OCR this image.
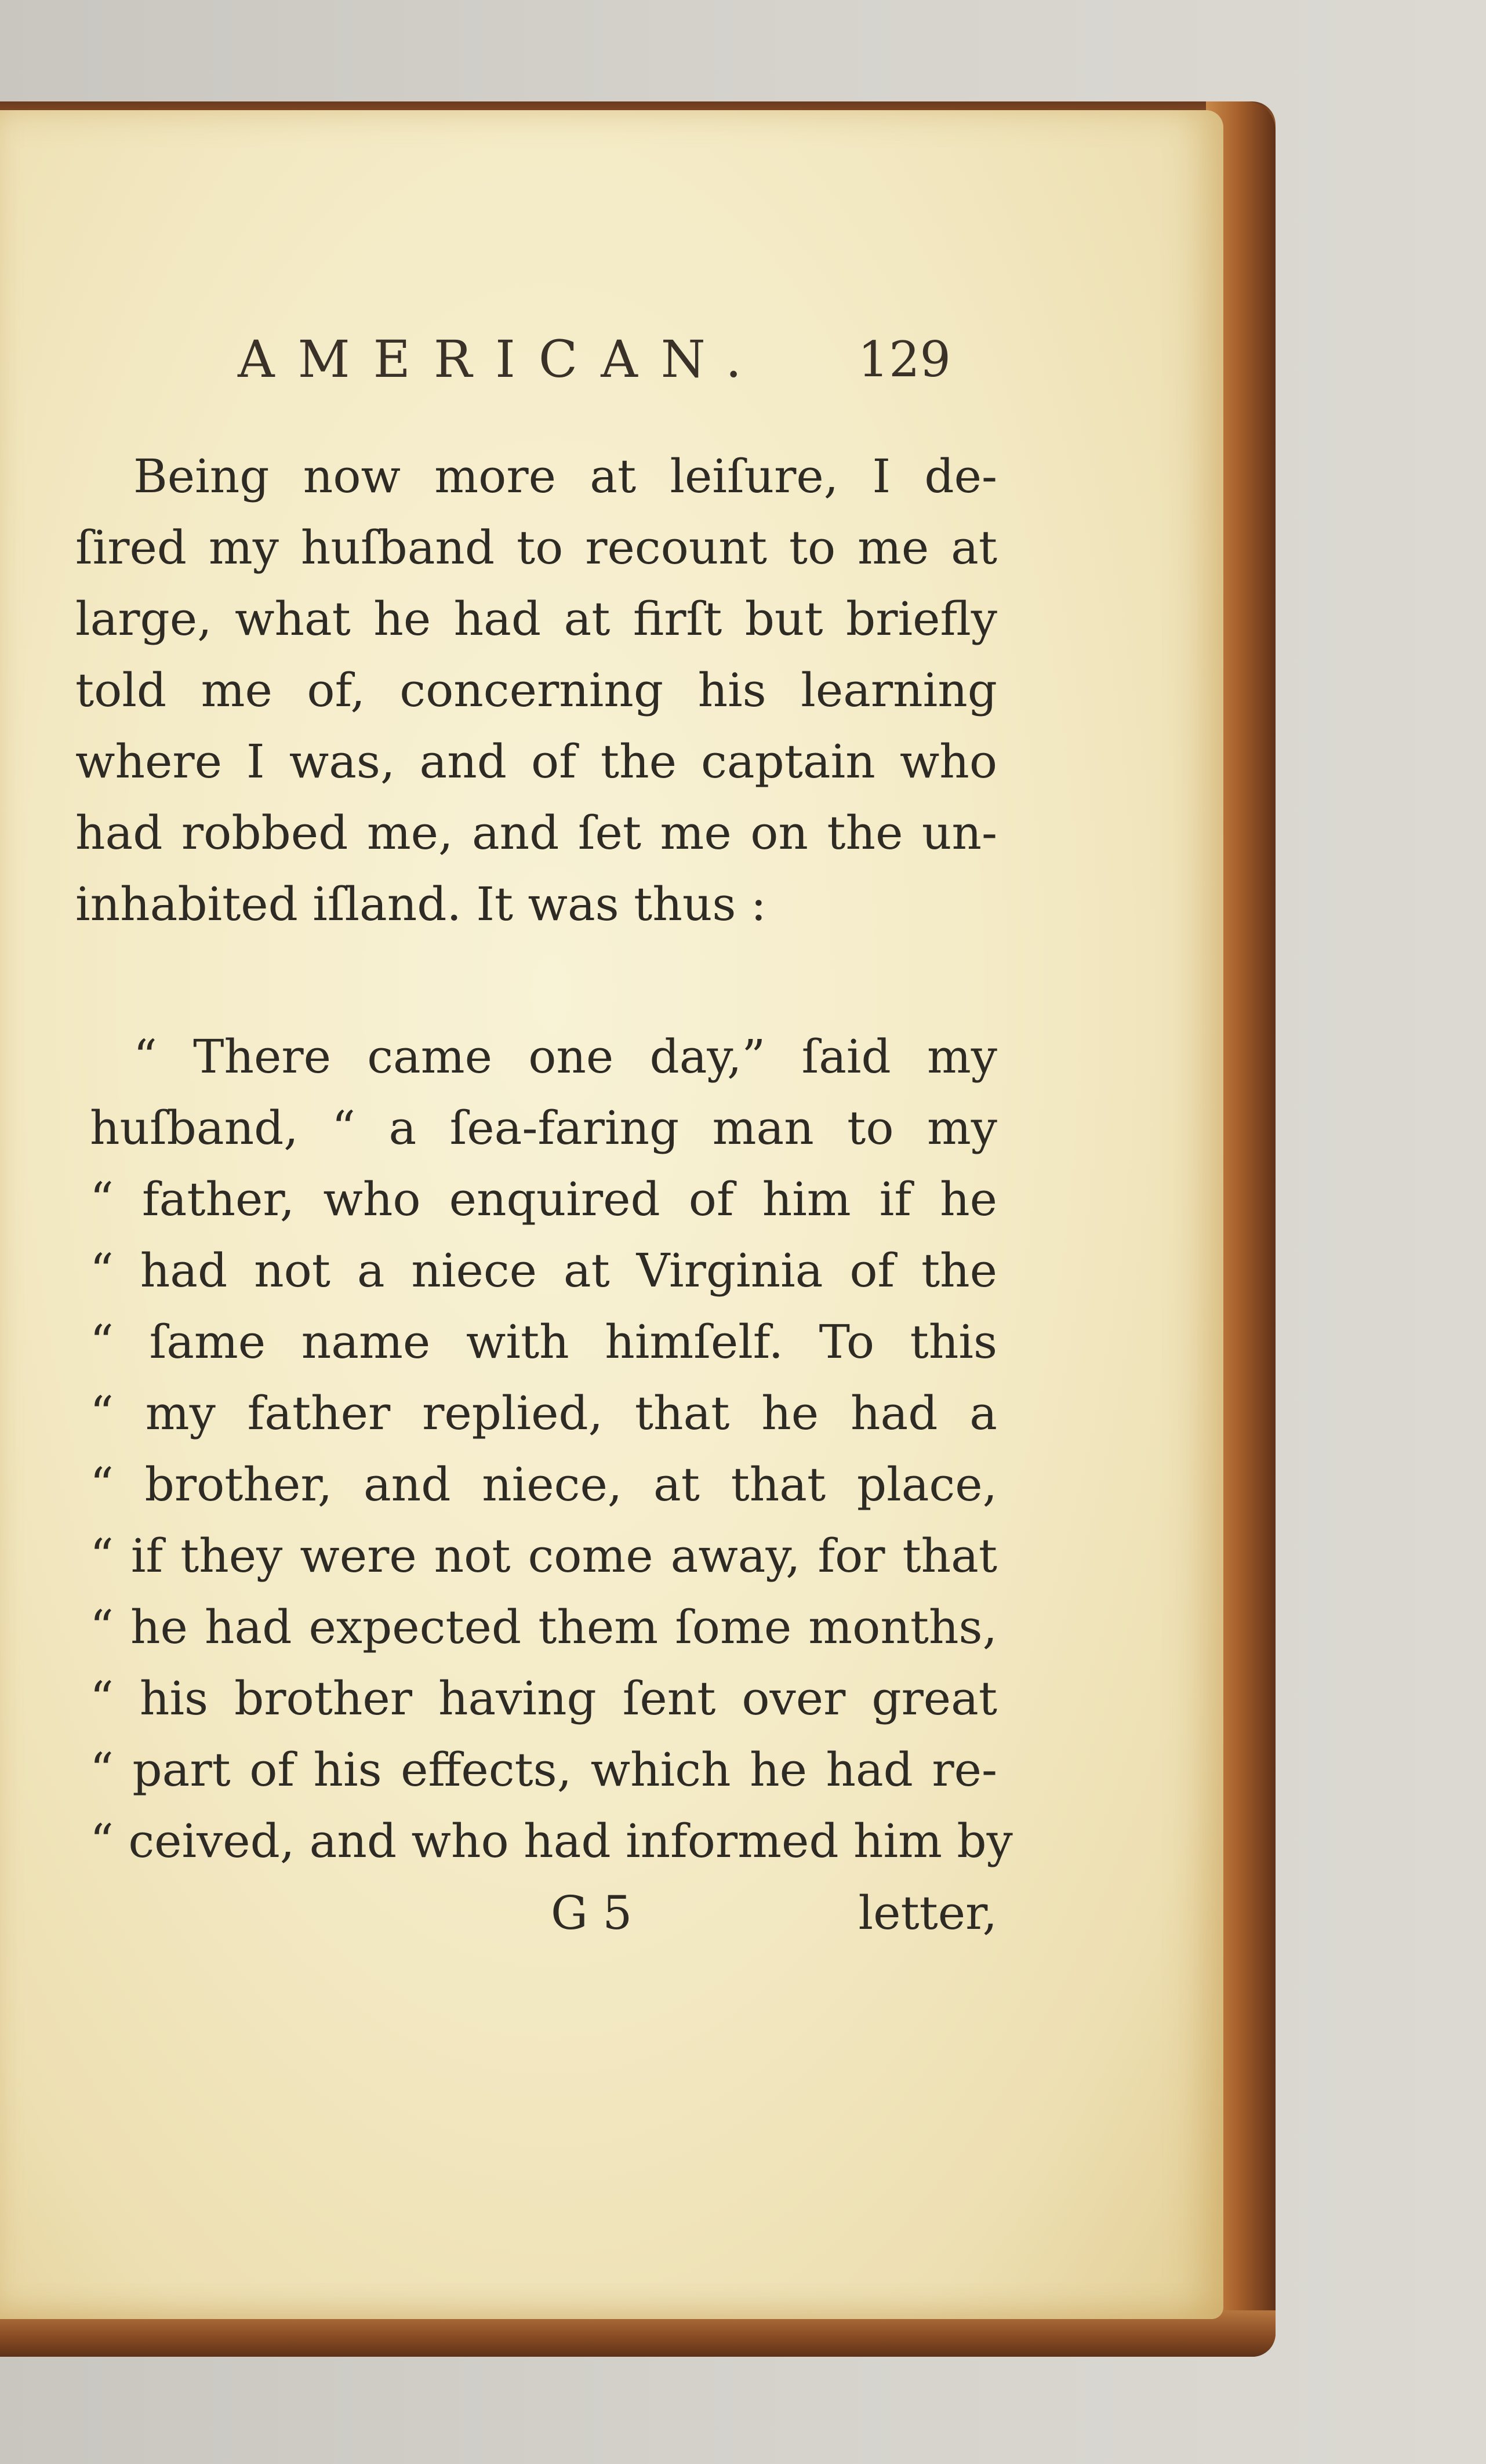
AMERICAN. 129
Being now more at leiſure, I de-
ſired my huſband to recount to me at
large, what he had at firſt but briefly
told me of, concerning his learning
where I was, and of the captain who
had robbed me, and ſet me on the un-
inhabited iſland. It was thus :
“ There came one day,” ſaid my
huſband, “ a ſea-faring man to my
“ father, who enquired of him if he
“ had not a niece at Virginia of the
“ ſame name with himſelf. To this
“ my father replied, that he had a
“ brother, and niece, at that place,
“ if they were not come away, for that
“ he had expected them ſome months,
“ his brother having ſent over great
“ part of his effects, which he had re-
“ ceived, and who had informed him by
G 5	letter,
